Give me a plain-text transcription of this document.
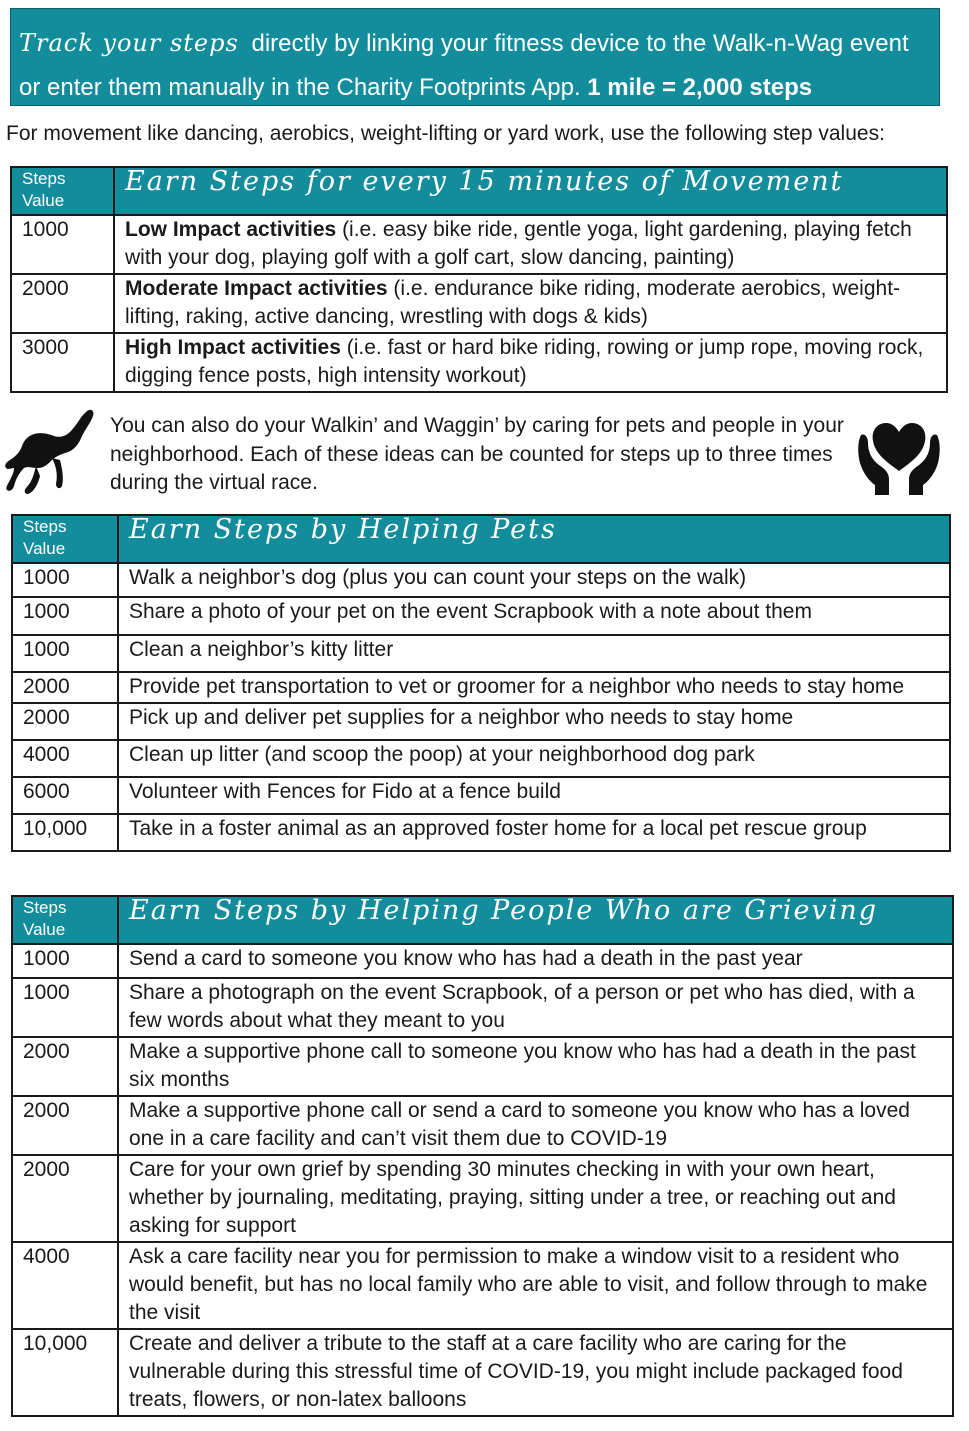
Track your steps directly by linking your fitness device to the Walk-n-Wag event or enter them manually in the Charity Footprints App. 1 mile = 2,000 steps
For movement like dancing, aerobics, weight-lifting or yard work, use the following step values:
Steps Value	Earn Steps for every 15 minutes of Movement
1000	Low Impact activities (i.e. easy bike ride, gentle yoga, light gardening, playing fetch with your dog, playing golf with a golf cart, slow dancing, painting)
2000	Moderate Impact activities (i.e. endurance bike riding, moderate aerobics, weight-lifting, raking, active dancing, wrestling with dogs & kids)
3000	High Impact activities (i.e. fast or hard bike riding, rowing or jump rope, moving rock, digging fence posts, high intensity workout)
You can also do your Walkin’ and Waggin’ by caring for pets and people in your neighborhood. Each of these ideas can be counted for steps up to three times during the virtual race.
Steps Value	Earn Steps by Helping Pets
1000	Walk a neighbor’s dog (plus you can count your steps on the walk)
1000	Share a photo of your pet on the event Scrapbook with a note about them
1000	Clean a neighbor’s kitty litter
2000	Provide pet transportation to vet or groomer for a neighbor who needs to stay home
2000	Pick up and deliver pet supplies for a neighbor who needs to stay home
4000	Clean up litter (and scoop the poop) at your neighborhood dog park
6000	Volunteer with Fences for Fido at a fence build
10,000	Take in a foster animal as an approved foster home for a local pet rescue group
Steps Value	Earn Steps by Helping People Who are Grieving
1000	Send a card to someone you know who has had a death in the past year
1000	Share a photograph on the event Scrapbook, of a person or pet who has died, with a few words about what they meant to you
2000	Make a supportive phone call to someone you know who has had a death in the past six months
2000	Make a supportive phone call or send a card to someone you know who has a loved one in a care facility and can’t visit them due to COVID-19
2000	Care for your own grief by spending 30 minutes checking in with your own heart, whether by journaling, meditating, praying, sitting under a tree, or reaching out and asking for support
4000	Ask a care facility near you for permission to make a window visit to a resident who would benefit, but has no local family who are able to visit, and follow through to make the visit
10,000	Create and deliver a tribute to the staff at a care facility who are caring for the vulnerable during this stressful time of COVID-19, you might include packaged food treats, flowers, or non-latex balloons
